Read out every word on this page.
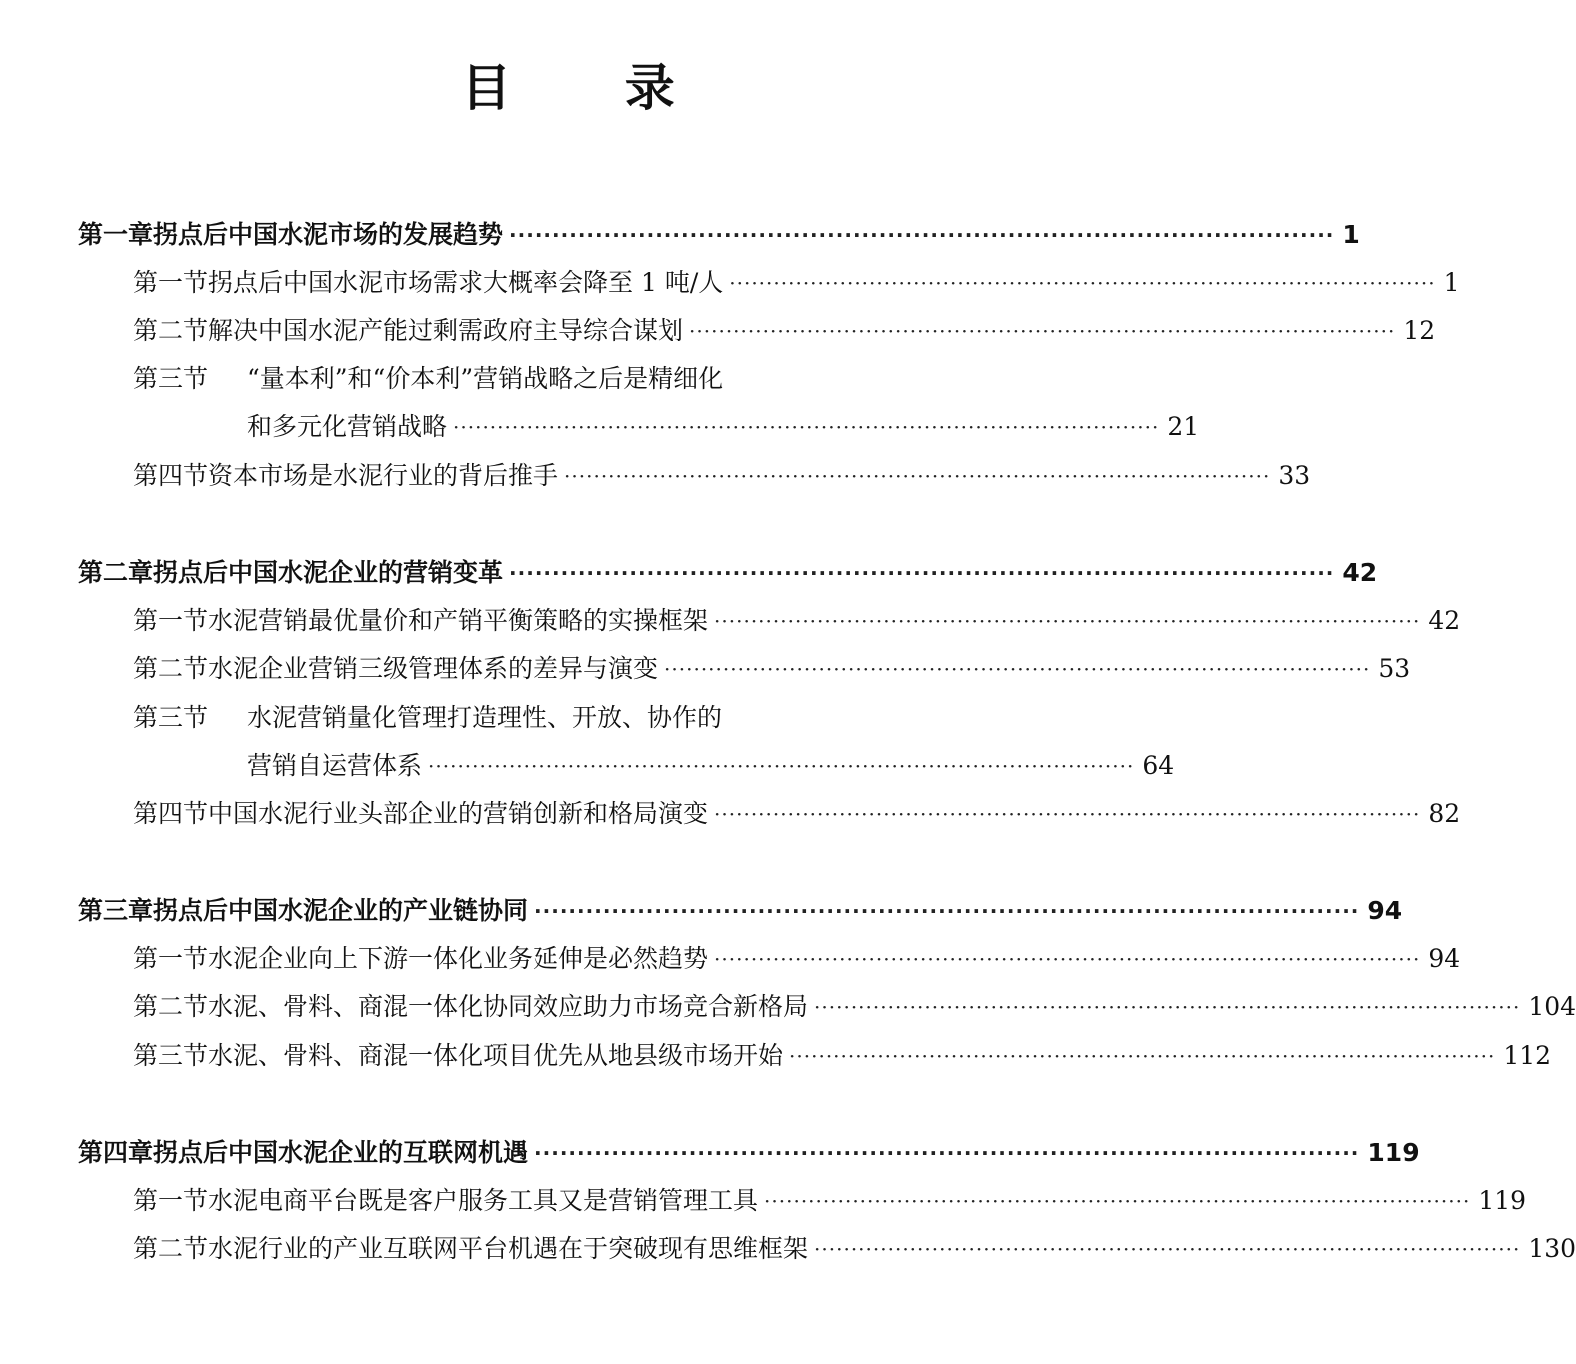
目 录
第一章 拐点后中国水泥市场的发展趋势 ································································································ 1
第一节 拐点后中国水泥市场需求大概率会降至 1 吨/人 ································································································ 1
第二节 解决中国水泥产能过剩需政府主导综合谋划 ································································································ 12
第三节	“量本利”和“价本利”营销战略之后是精细化
和多元化营销战略 ································································································ 21
第四节 资本市场是水泥行业的背后推手 ································································································ 33
第二章 拐点后中国水泥企业的营销变革 ································································································ 42
第一节 水泥营销最优量价和产销平衡策略的实操框架 ································································································ 42
第二节 水泥企业营销三级管理体系的差异与演变 ································································································ 53
第三节	水泥营销量化管理打造理性、开放、协作的
营销自运营体系 ································································································ 64
第四节 中国水泥行业头部企业的营销创新和格局演变 ································································································ 82
第三章 拐点后中国水泥企业的产业链协同 ································································································ 94
第一节 水泥企业向上下游一体化业务延伸是必然趋势 ································································································ 94
第二节 水泥、骨料、商混一体化协同效应助力市场竞合新格局 ································································································ 104
第三节 水泥、骨料、商混一体化项目优先从地县级市场开始 ································································································ 112
第四章 拐点后中国水泥企业的互联网机遇 ································································································ 119
第一节 水泥电商平台既是客户服务工具又是营销管理工具 ································································································ 119
第二节 水泥行业的产业互联网平台机遇在于突破现有思维框架 ································································································ 130
